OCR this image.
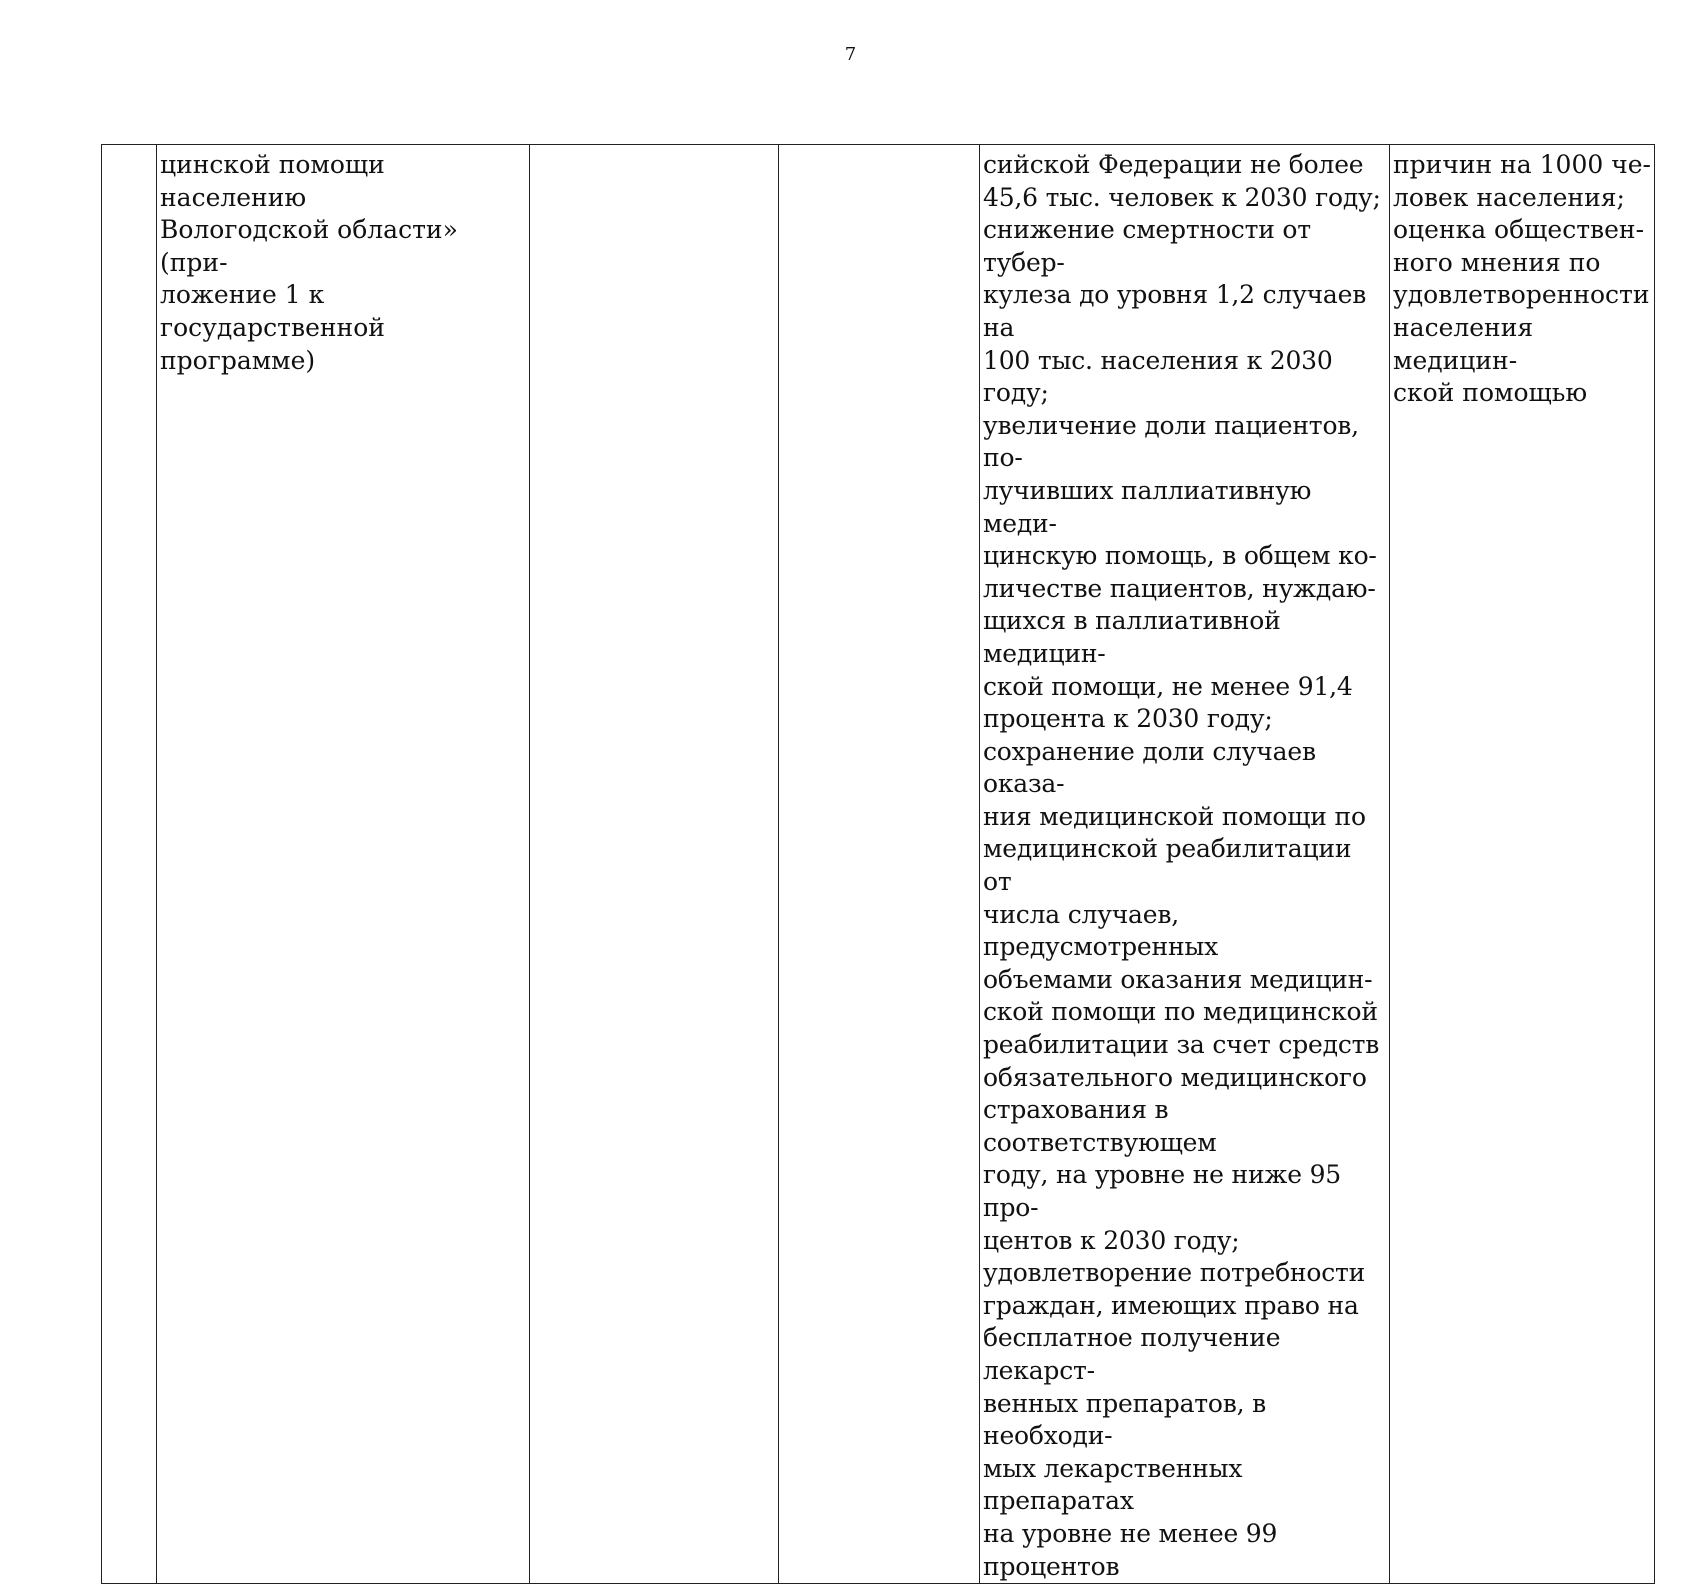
7
	цинской помощи населению
Вологодской области» (при-
ложение 1 к государственной
программе)			сийской Федерации не более
45,6 тыс. человек к 2030 году;
снижение смертности от тубер-
кулеза до уровня 1,2 случаев на
100 тыс. населения к 2030 году;
увеличение доли пациентов, по-
лучивших паллиативную меди-
цинскую помощь, в общем ко-
личестве пациентов, нуждаю-
щихся в паллиативной медицин-
ской помощи, не менее 91,4
процента к 2030 году;
сохранение доли случаев оказа-
ния медицинской помощи по
медицинской реабилитации от
числа случаев, предусмотренных
объемами оказания медицин-
ской помощи по медицинской
реабилитации за счет средств
обязательного медицинского
страхования в соответствующем
году, на уровне не ниже 95 про-
центов к 2030 году;
удовлетворение потребности
граждан, имеющих право на
бесплатное получение лекарст-
венных препаратов, в необходи-
мых лекарственных препаратах
на уровне не менее 99 процентов	причин на 1000 че-
ловек населения;
оценка обществен-
ного мнения по
удовлетворенности
населения медицин-
ской помощью
